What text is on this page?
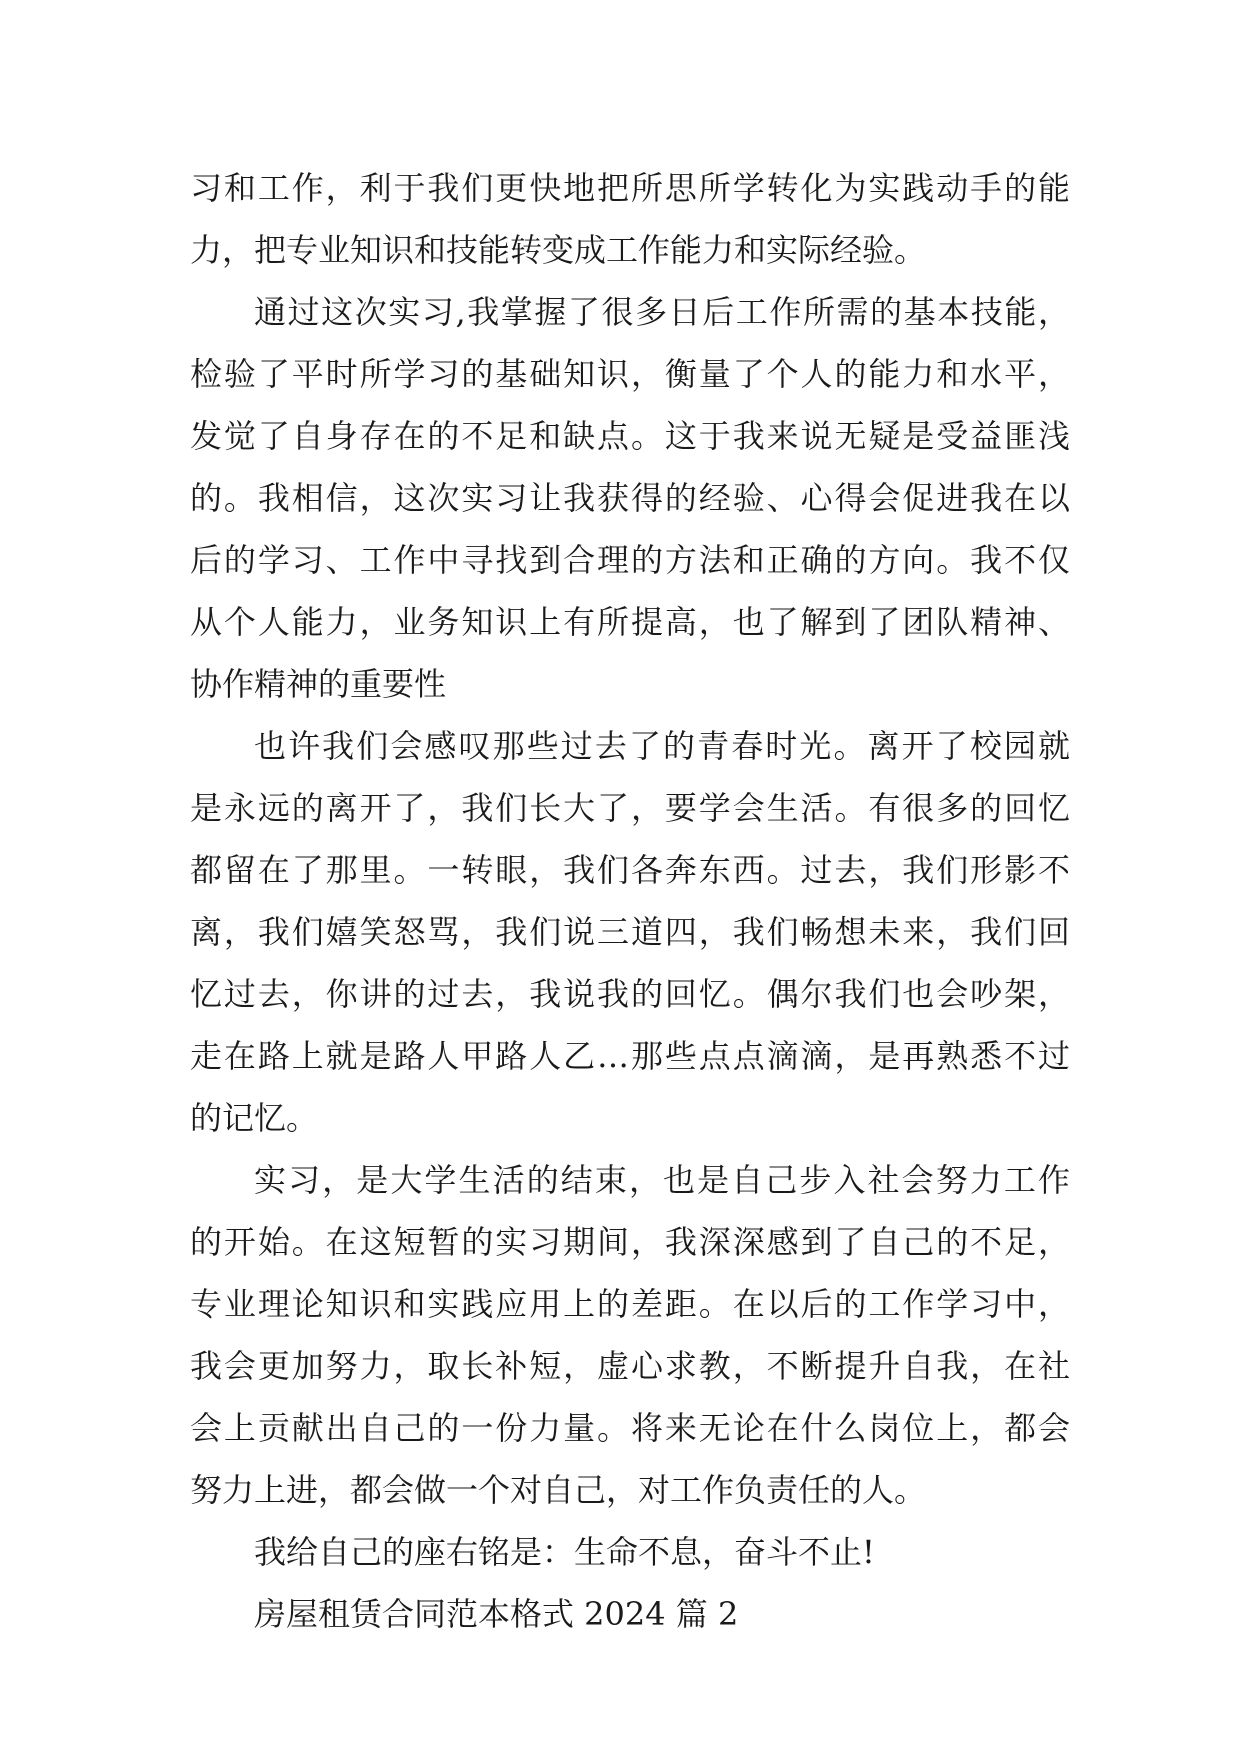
习和工作，利于我们更快地把所思所学转化为实践动手的能
力，把专业知识和技能转变成工作能力和实际经验。
通过这次实习,我掌握了很多日后工作所需的基本技能，
检验了平时所学习的基础知识，衡量了个人的能力和水平，
发觉了自身存在的不足和缺点。这于我来说无疑是受益匪浅
的。我相信，这次实习让我获得的经验、心得会促进我在以
后的学习、工作中寻找到合理的方法和正确的方向。我不仅
从个人能力，业务知识上有所提高，也了解到了团队精神、
协作精神的重要性
也许我们会感叹那些过去了的青春时光。离开了校园就
是永远的离开了，我们长大了，要学会生活。有很多的回忆
都留在了那里。一转眼，我们各奔东西。过去，我们形影不
离，我们嬉笑怒骂，我们说三道四，我们畅想未来，我们回
忆过去，你讲的过去，我说我的回忆。偶尔我们也会吵架，
走在路上就是路人甲路人乙…那些点点滴滴，是再熟悉不过
的记忆。
实习，是大学生活的结束，也是自己步入社会努力工作
的开始。在这短暂的实习期间，我深深感到了自己的不足，
专业理论知识和实践应用上的差距。在以后的工作学习中，
我会更加努力，取长补短，虚心求教，不断提升自我，在社
会上贡献出自己的一份力量。将来无论在什么岗位上，都会
努力上进，都会做一个对自己，对工作负责任的人。
我给自己的座右铭是：生命不息，奋斗不止!
房屋租赁合同范本格式 2024 篇 2
